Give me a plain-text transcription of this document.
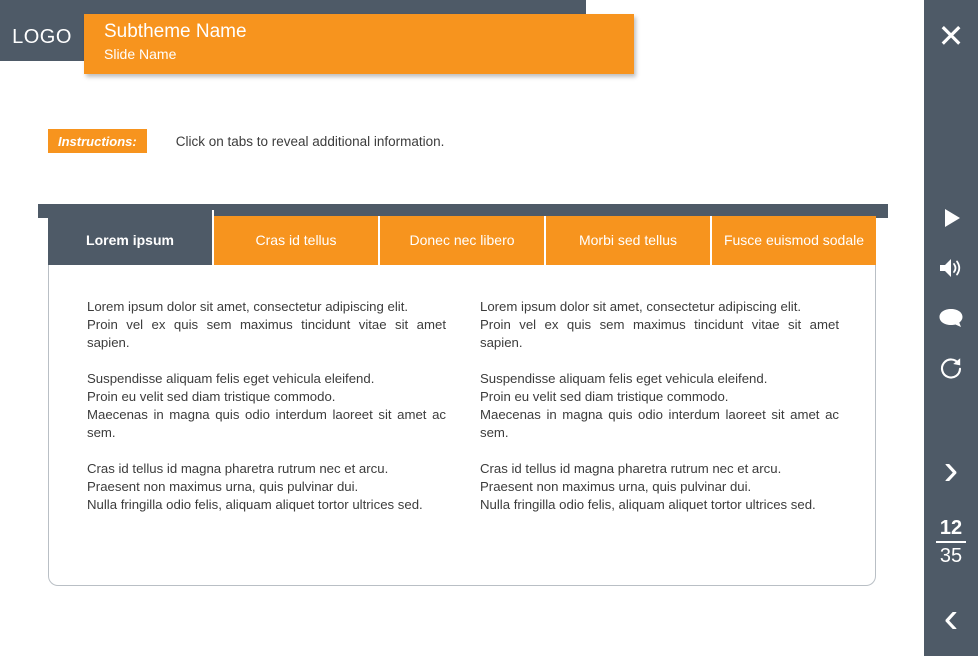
LOGO Subtheme Name
Slide Name
Instructions:	Click on tabs to reveal additional information.
Lorem ipsum	Cras id tellus	Donec nec libero	Morbi sed tellus	Fusce euismod sodale

Lorem ipsum dolor sit amet, consectetur adipiscing elit.
Proin vel ex quis sem maximus tincidunt vitae sit amet sapien.

Suspendisse aliquam felis eget vehicula eleifend.
Proin eu velit sed diam tristique commodo.
Maecenas in magna quis odio interdum laoreet sit amet ac sem.

Cras id tellus id magna pharetra rutrum nec et arcu.
Praesent non maximus urna, quis pulvinar dui.
Nulla fringilla odio felis, aliquam aliquet tortor ultrices sed.

Lorem ipsum dolor sit amet, consectetur adipiscing elit.
Proin vel ex quis sem maximus tincidunt vitae sit amet sapien.

Suspendisse aliquam felis eget vehicula eleifend.
Proin eu velit sed diam tristique commodo.
Maecenas in magna quis odio interdum laoreet sit amet ac sem.

Cras id tellus id magna pharetra rutrum nec et arcu.
Praesent non maximus urna, quis pulvinar dui.
Nulla fringilla odio felis, aliquam aliquet tortor ultrices sed.

✕
›
12
35
‹
